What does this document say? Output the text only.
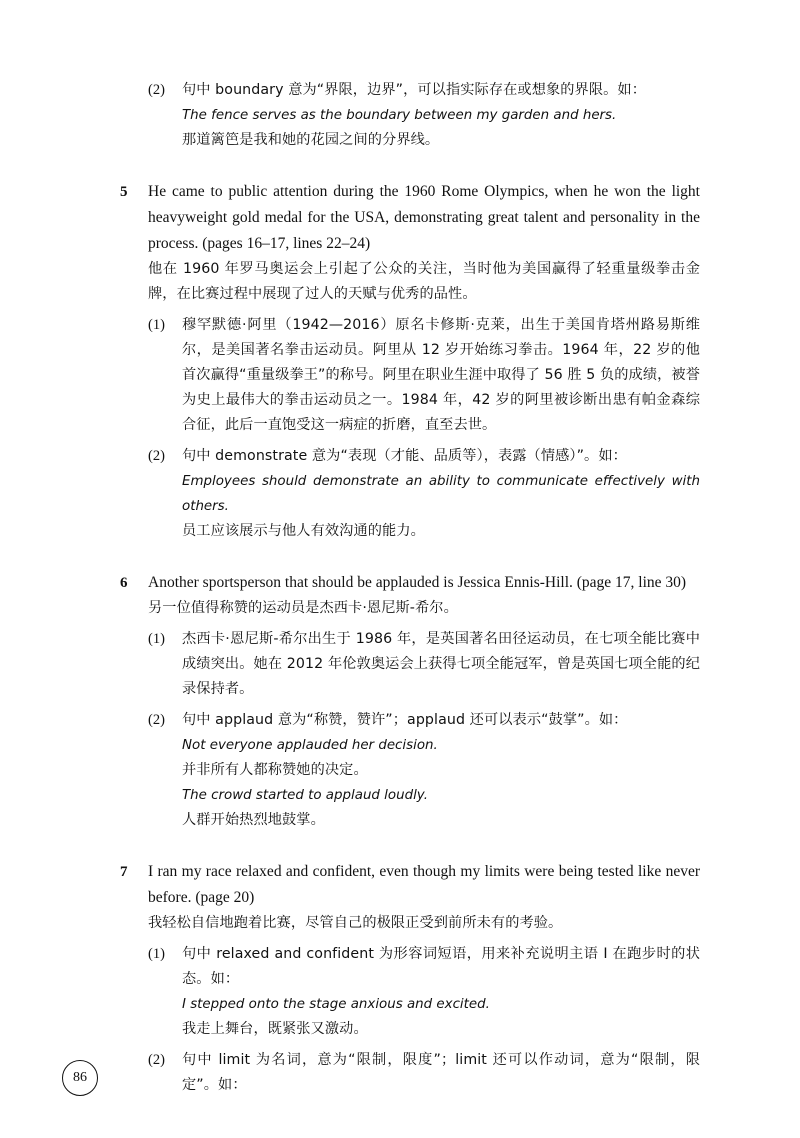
(2)	句中 boundary 意为“界限，边界”，可以指实际存在或想象的界限。如：
The fence serves as the boundary between my garden and hers.
那道篱笆是我和她的花园之间的分界线。
5	He came to public attention during the 1960 Rome Olympics, when he won the light heavyweight gold medal for the USA, demonstrating great talent and personality in the process. (pages 16–17, lines 22–24)
他在 1960 年罗马奥运会上引起了公众的关注，当时他为美国赢得了轻重量级拳击金牌，在比赛过程中展现了过人的天赋与优秀的品性。
(1)	穆罕默德·阿里（1942—2016）原名卡修斯·克莱，出生于美国肯塔州路易斯维尔，是美国著名拳击运动员。阿里从 12 岁开始练习拳击。1964 年，22 岁的他首次赢得“重量级拳王”的称号。阿里在职业生涯中取得了 56 胜 5 负的成绩，被誉为史上最伟大的拳击运动员之一。1984 年，42 岁的阿里被诊断出患有帕金森综合征，此后一直饱受这一病症的折磨，直至去世。
(2)	句中 demonstrate 意为“表现（才能、品质等），表露（情感）”。如：
Employees should demonstrate an ability to communicate effectively with others.
员工应该展示与他人有效沟通的能力。
6	Another sportsperson that should be applauded is Jessica Ennis-Hill. (page 17, line 30)
另一位值得称赞的运动员是杰西卡·恩尼斯-希尔。
(1)	杰西卡·恩尼斯-希尔出生于 1986 年，是英国著名田径运动员，在七项全能比赛中成绩突出。她在 2012 年伦敦奥运会上获得七项全能冠军，曾是英国七项全能的纪录保持者。
(2)	句中 applaud 意为“称赞，赞许”；applaud 还可以表示“鼓掌”。如：
Not everyone applauded her decision.
并非所有人都称赞她的决定。
The crowd started to applaud loudly.
人群开始热烈地鼓掌。
7	I ran my race relaxed and confident, even though my limits were being tested like never before. (page 20)
我轻松自信地跑着比赛，尽管自己的极限正受到前所未有的考验。
(1)	句中 relaxed and confident 为形容词短语，用来补充说明主语 I 在跑步时的状态。如：
I stepped onto the stage anxious and excited.
我走上舞台，既紧张又激动。
(2)	句中 limit 为名词，意为“限制，限度”；limit 还可以作动词，意为“限制，限定”。如：
86
